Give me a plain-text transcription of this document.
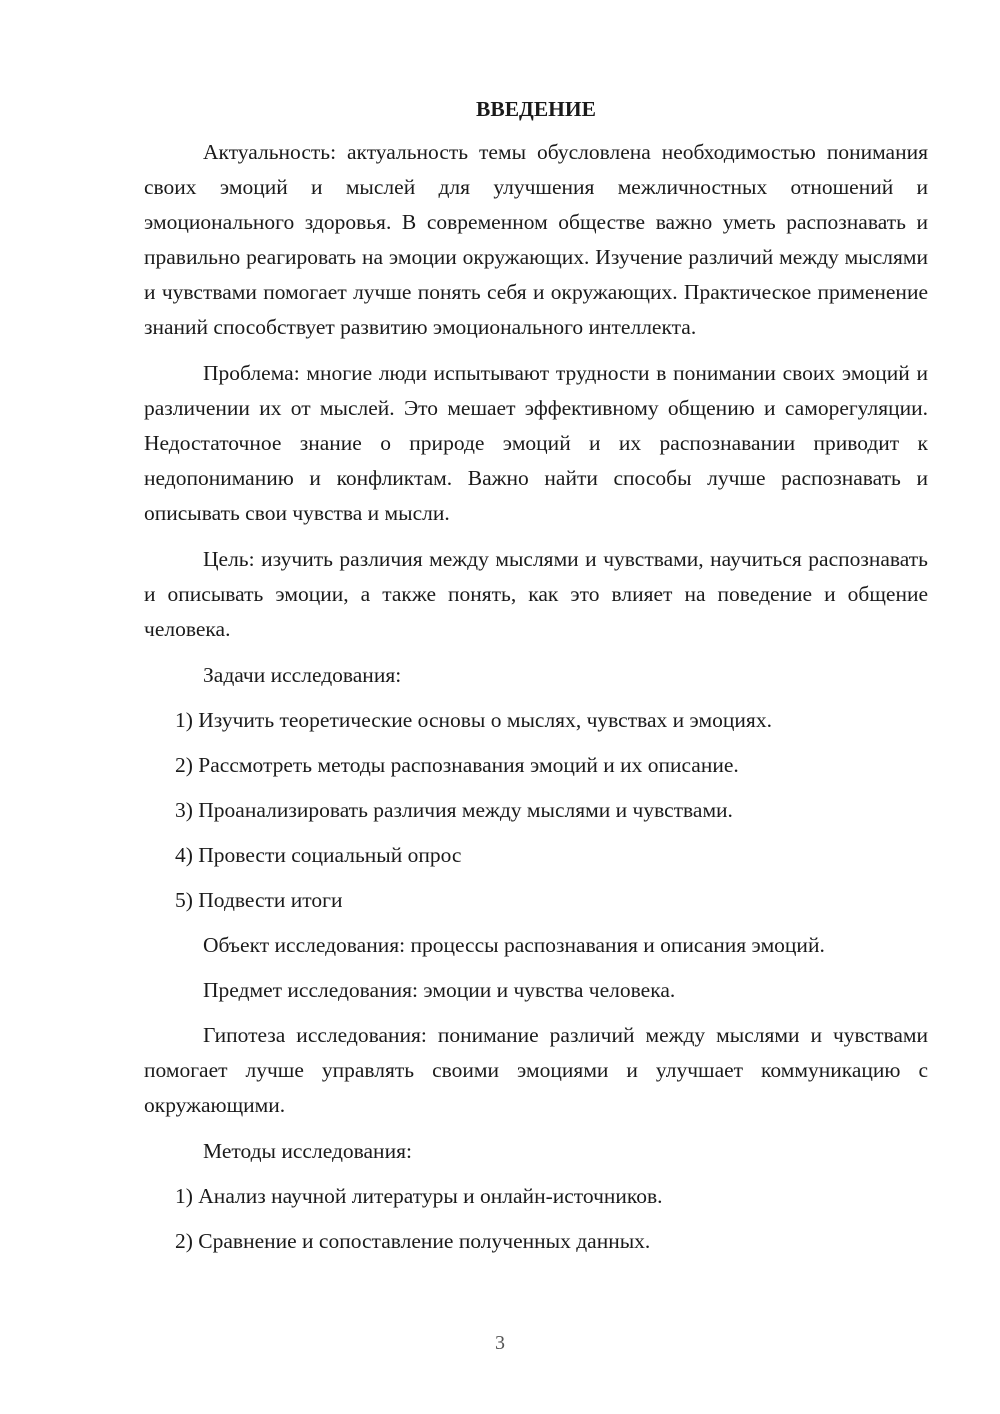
ВВЕДЕНИЕ

Актуальность: актуальность темы обусловлена необходимостью понимания своих эмоций и мыслей для улучшения межличностных отношений и эмоционального здоровья. В современном обществе важно уметь распознавать и правильно реагировать на эмоции окружающих. Изучение различий между мыслями и чувствами помогает лучше понять себя и окружающих. Практическое применение знаний способствует развитию эмоционального интеллекта.

Проблема: многие люди испытывают трудности в понимании своих эмоций и различении их от мыслей. Это мешает эффективному общению и саморегуляции. Недостаточное знание о природе эмоций и их распознавании приводит к недопониманию и конфликтам. Важно найти способы лучше распознавать и описывать свои чувства и мысли.

Цель: изучить различия между мыслями и чувствами, научиться распознавать и описывать эмоции, а также понять, как это влияет на поведение и общение человека.

Задачи исследования:
1) Изучить теоретические основы о мыслях, чувствах и эмоциях.
2) Рассмотреть методы распознавания эмоций и их описание.
3) Проанализировать различия между мыслями и чувствами.
4) Провести социальный опрос
5) Подвести итоги
Объект исследования: процессы распознавания и описания эмоций.
Предмет исследования: эмоции и чувства человека.

Гипотеза исследования: понимание различий между мыслями и чувствами помогает лучше управлять своими эмоциями и улучшает коммуникацию с окружающими.

Методы исследования:
1) Анализ научной литературы и онлайн-источников.
2) Сравнение и сопоставление полученных данных.
3
